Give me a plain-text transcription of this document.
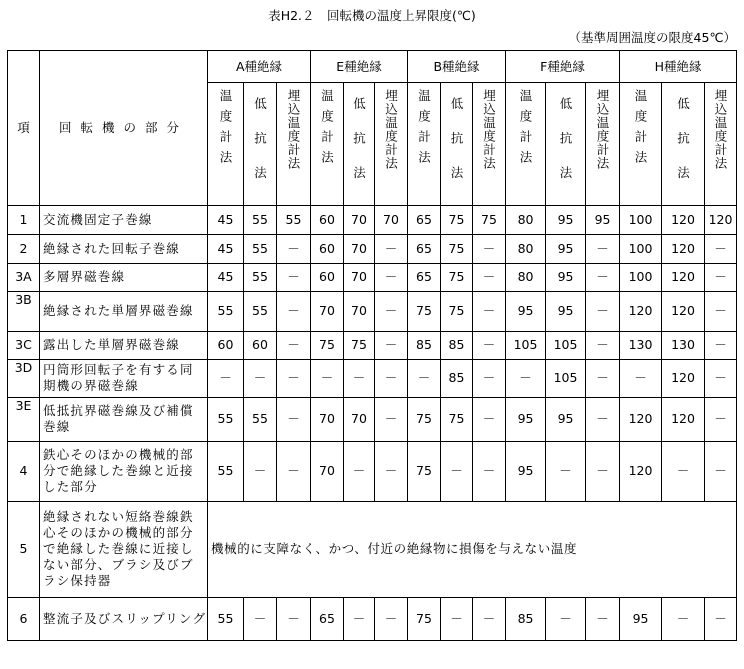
表H2.２　回転機の温度上昇限度(℃)
（基準周囲温度の限度45℃）
項	回転機の部分	A種絶縁			E種絶縁			B種絶縁			F種絶縁			H種絶縁		
		温度計法	低抗法	埋込温度計法	温度計法	低抗法	埋込温度計法	温度計法	低抗法	埋込温度計法	温度計法	低抗法	埋込温度計法	温度計法	低抗法	埋込温度計法
1	交流機固定子巻線	45	55	55	60	70	70	65	75	75	80	95	95	100	120	120
2	絶縁された回転子巻線	45	55	－	60	70	－	65	75	－	80	95	－	100	120	－
3A	多層界磁巻線	45	55	－	60	70	－	65	75	－	80	95	－	100	120	－
3B	絶縁された単層界磁巻線	55	55	－	70	70	－	75	75	－	95	95	－	120	120	－
3C	露出した単層界磁巻線	60	60	－	75	75	－	85	85	－	105	105	－	130	130	－
3D	円筒形回転子を有する同期機の界磁巻線	－	－	－	－	－	－	－	85	－	－	105	－	－	120	－
3E	低抵抗界磁巻線及び補償巻線	55	55	－	70	70	－	75	75	－	95	95	－	120	120	－
4	鉄心そのほかの機械的部分で絶縁した巻線と近接した部分	55	－	－	70	－	－	75	－	－	95	－	－	120	－	－
5	絶縁されない短絡巻線鉄心そのほかの機械的部分で絶縁した巻線に近接しない部分、ブラシ及びブラシ保持器	機械的に支障なく、かつ、付近の絶縁物に損傷を与えない温度														
6	整流子及びスリップリング	55	－	－	65	－	－	75	－	－	85	－	－	95	－	－
